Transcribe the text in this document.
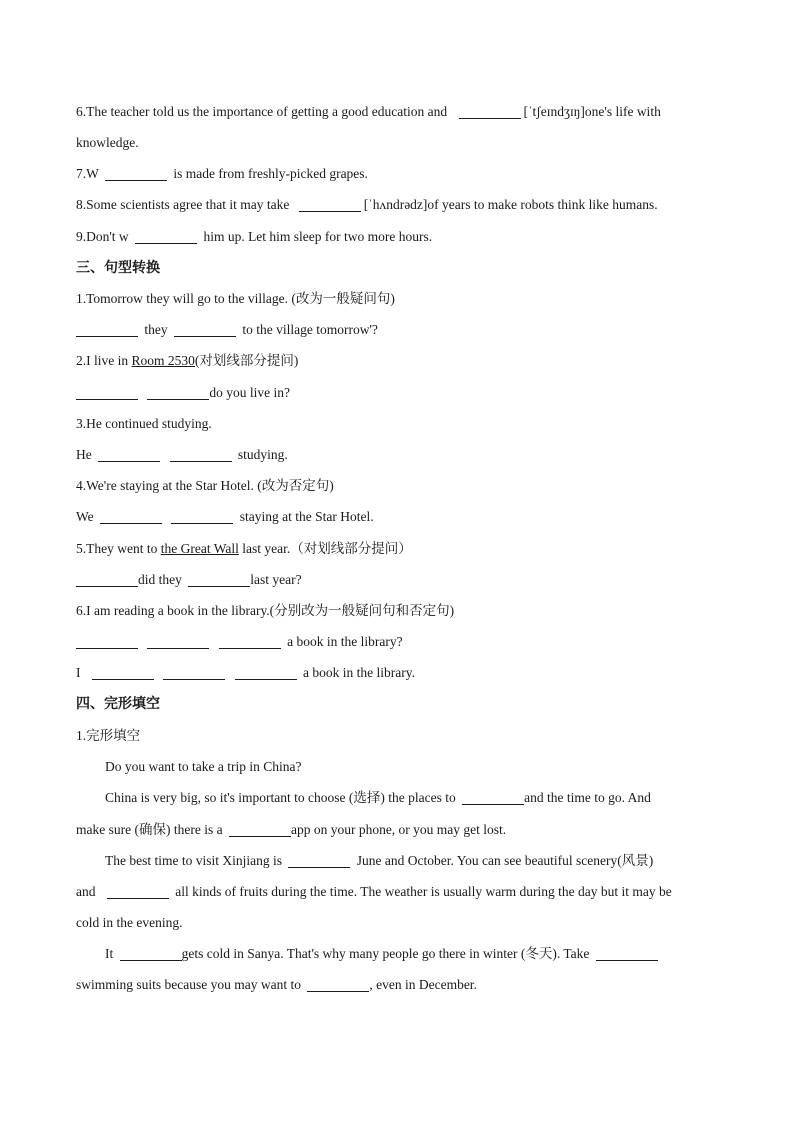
6.The teacher told us the importance of getting a good education and	[ˈtʃeɪndʒɪŋ]one's life with
knowledge.
7.W	is made from freshly-picked grapes.
8.Some scientists agree that it may take	[ˈhʌndrədz]of years to make robots think like humans.
9.Don't w	him up. Let him sleep for two more hours.
三、句型转换
1.Tomorrow they will go to the village. (改为一般疑问句)
they	to the village tomorrow'?
2.I live in Room 2530(对划线部分提问)
do you live in?
3.He continued studying.
He	studying.
4.We're staying at the Star Hotel. (改为否定句)
We	staying at the Star Hotel.
5.They went to the Great Wall last year.（对划线部分提问）
did they	last year?
6.I am reading a book in the library.(分别改为一般疑问句和否定句)
a book in the library?
I	a book in the library.
四、完形填空
1.完形填空
Do you want to take a trip in China?
China is very big, so it's important to choose (选择) the places to	and the time to go. And
make sure (确保) there is a	app on your phone, or you may get lost.
The best time to visit Xinjiang is	June and October. You can see beautiful scenery(风景)
and	all kinds of fruits during the time. The weather is usually warm during the day but it may be
cold in the evening.
It	gets cold in Sanya. That's why many people go there in winter (冬天). Take
swimming suits because you may want to	, even in December.
